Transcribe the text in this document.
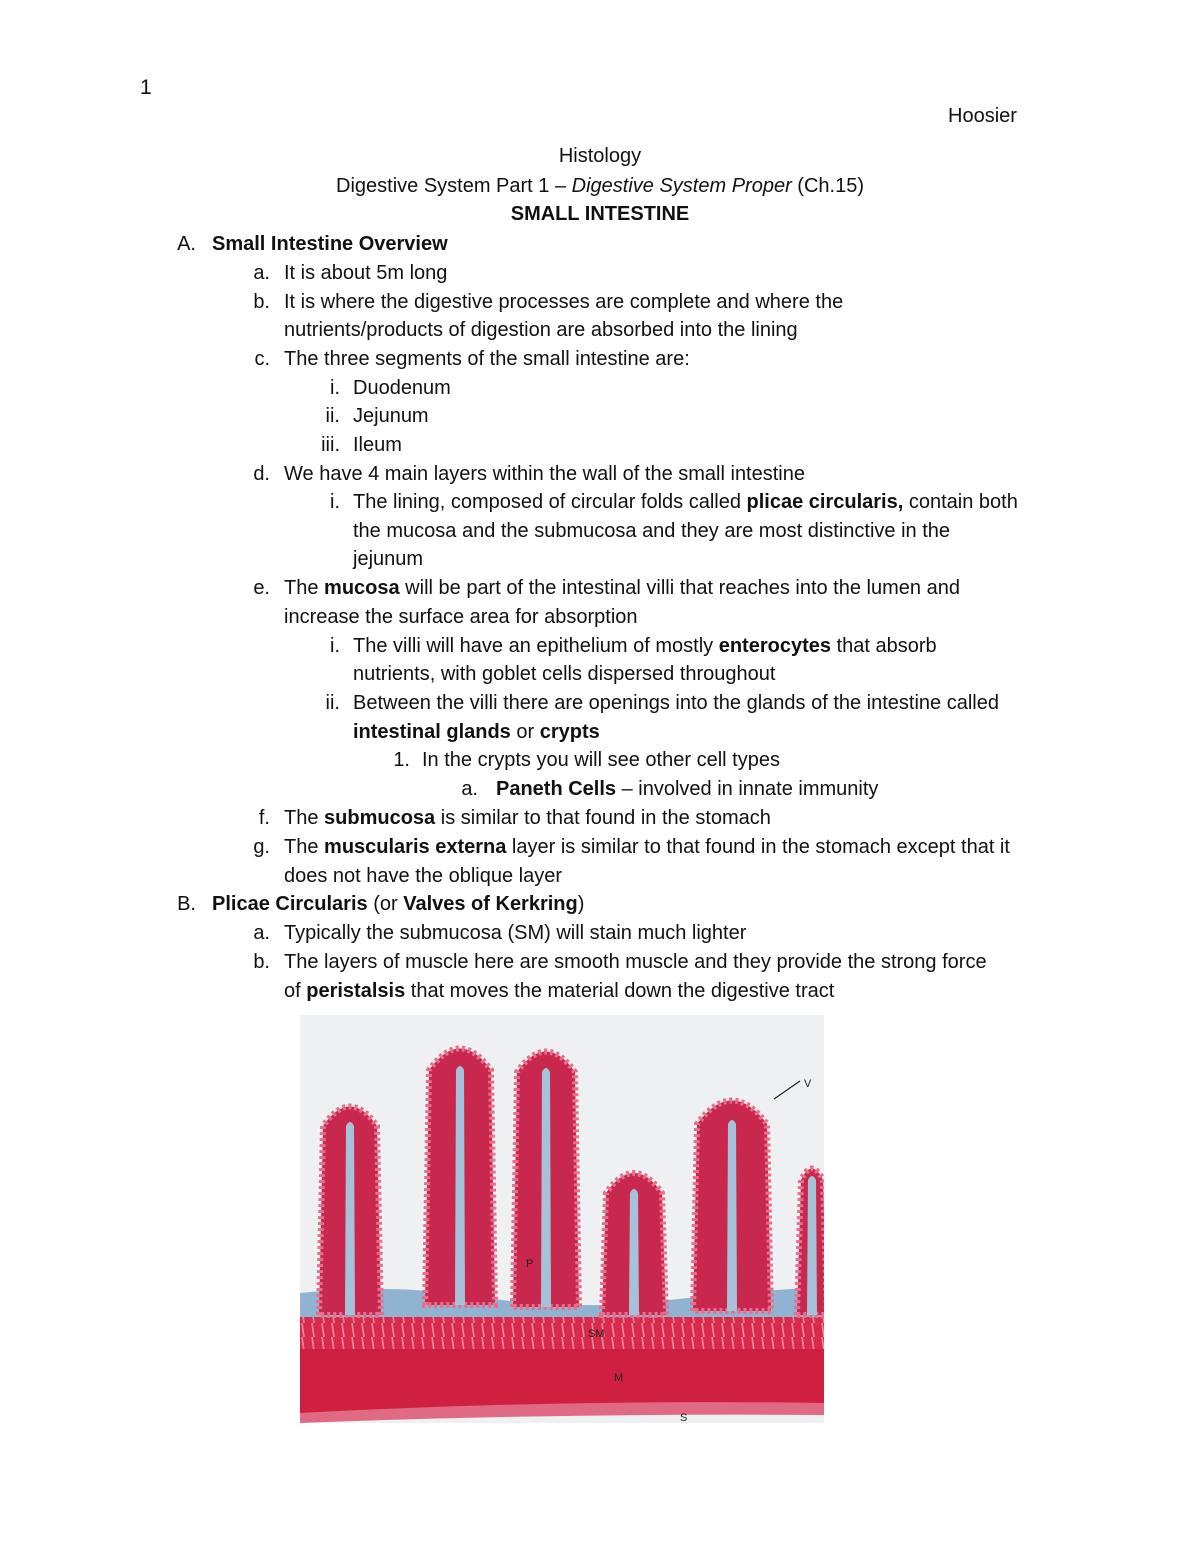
1
Hoosier
Histology
Digestive System Part 1 – Digestive System Proper (Ch.15)
SMALL INTESTINE
A. Small Intestine Overview
a. It is about 5m long
b. It is where the digestive processes are complete and where the
nutrients/products of digestion are absorbed into the lining
c. The three segments of the small intestine are:
i. Duodenum
ii. Jejunum
iii. Ileum
d. We have 4 main layers within the wall of the small intestine
i. The lining, composed of circular folds called plicae circularis, contain both
the mucosa and the submucosa and they are most distinctive in the
jejunum
e. The mucosa will be part of the intestinal villi that reaches into the lumen and
increase the surface area for absorption
i. The villi will have an epithelium of mostly enterocytes that absorb
nutrients, with goblet cells dispersed throughout
ii. Between the villi there are openings into the glands of the intestine called
intestinal glands or crypts
1. In the crypts you will see other cell types
a. Paneth Cells – involved in innate immunity
f. The submucosa is similar to that found in the stomach
g. The muscularis externa layer is similar to that found in the stomach except that it
does not have the oblique layer
B. Plicae Circularis (or Valves of Kerkring)
a. Typically the submucosa (SM) will stain much lighter
b. The layers of muscle here are smooth muscle and they provide the strong force
of peristalsis that moves the material down the digestive tract
V
P
SM
M
S
